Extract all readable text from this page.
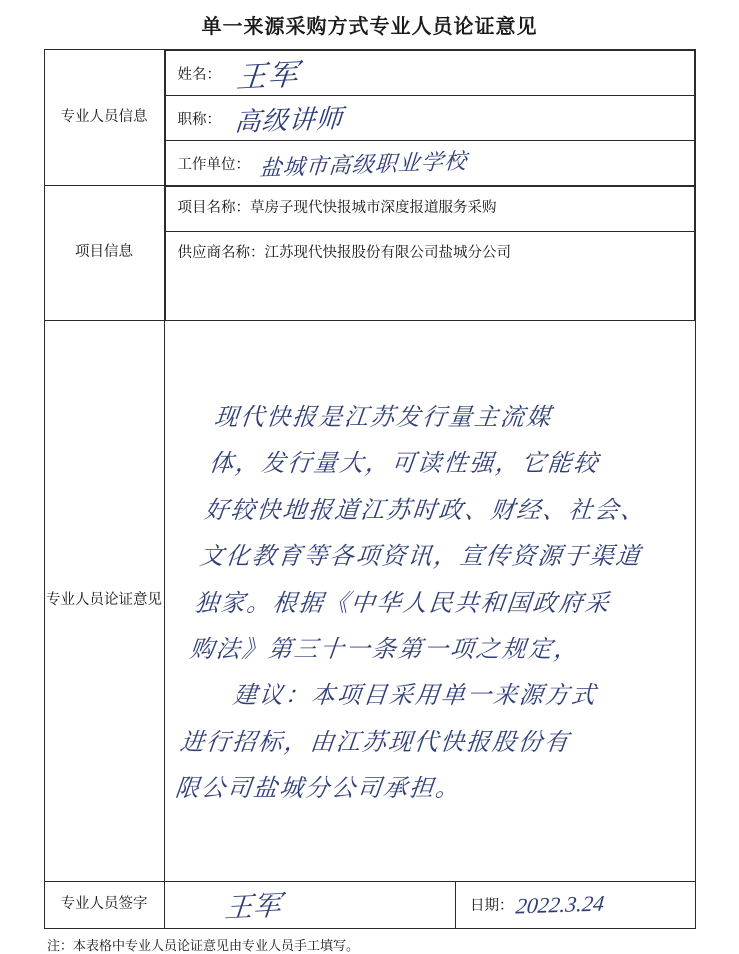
单一来源采购方式专业人员论证意见
专业人员信息	
姓名： 王军

职称： 高级讲师

工作单位： 盐城市高级职业学校

项目信息	
项目名称：草房子现代快报城市深度报道服务采购

供应商名称：江苏现代快报股份有限公司盐城分公司

专业人员论证意见	

现代快报是江苏发行量主流媒

体，发行量大，可读性强，它能较

好较快地报道江苏时政、财经、社会、

文化教育等各项资讯，宣传资源于渠道

独家。根据《中华人民共和国政府采

购法》第三十一条第一项之规定，

建议：本项目采用单一来源方式

进行招标，由江苏现代快报股份有

限公司盐城分公司承担。

专业人员签字	王军	日期： 2022.3.24
注：本表格中专业人员论证意见由专业人员手工填写。
